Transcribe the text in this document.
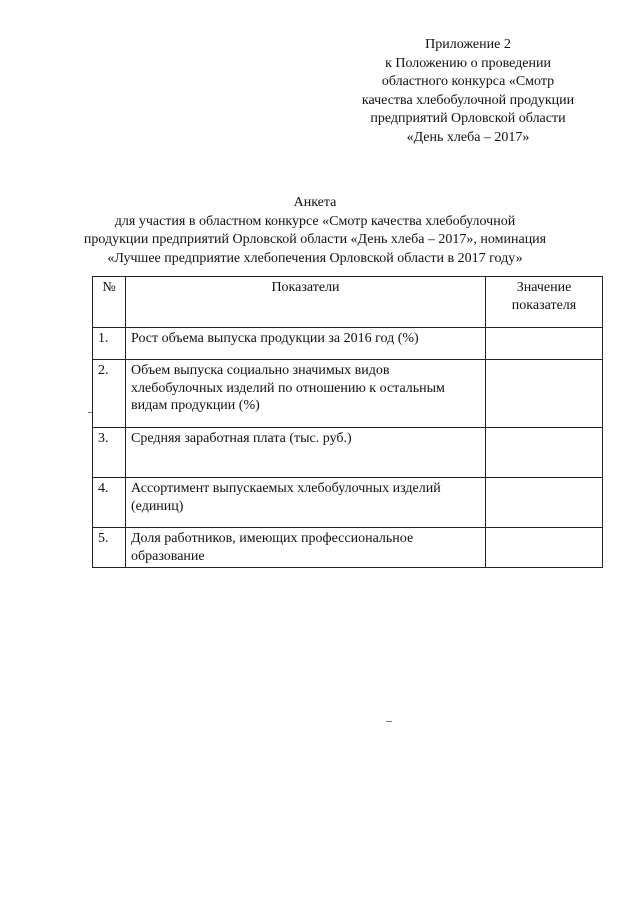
Приложение 2
к Положению о проведении
областного конкурса «Смотр
качества хлебобулочной продукции
предприятий Орловской области
«День хлеба – 2017»
Анкета
для участия в областном конкурсе «Смотр качества хлебобулочной
продукции предприятий Орловской области «День хлеба – 2017», номинация
«Лучшее предприятие хлебопечения Орловской области в 2017 году»
№	Показатели	Значение показателя
1.	Рост объема выпуска продукции за 2016 год (%)	
2.	Объем выпуска социально значимых видов хлебобулочных изделий по отношению к остальным видам продукции (%)	
3.	Средняя заработная плата (тыс. руб.)	
4.	Ассортимент выпускаемых хлебобулочных изделий (единиц)	
5.	Доля работников, имеющих профессиональное образование	
